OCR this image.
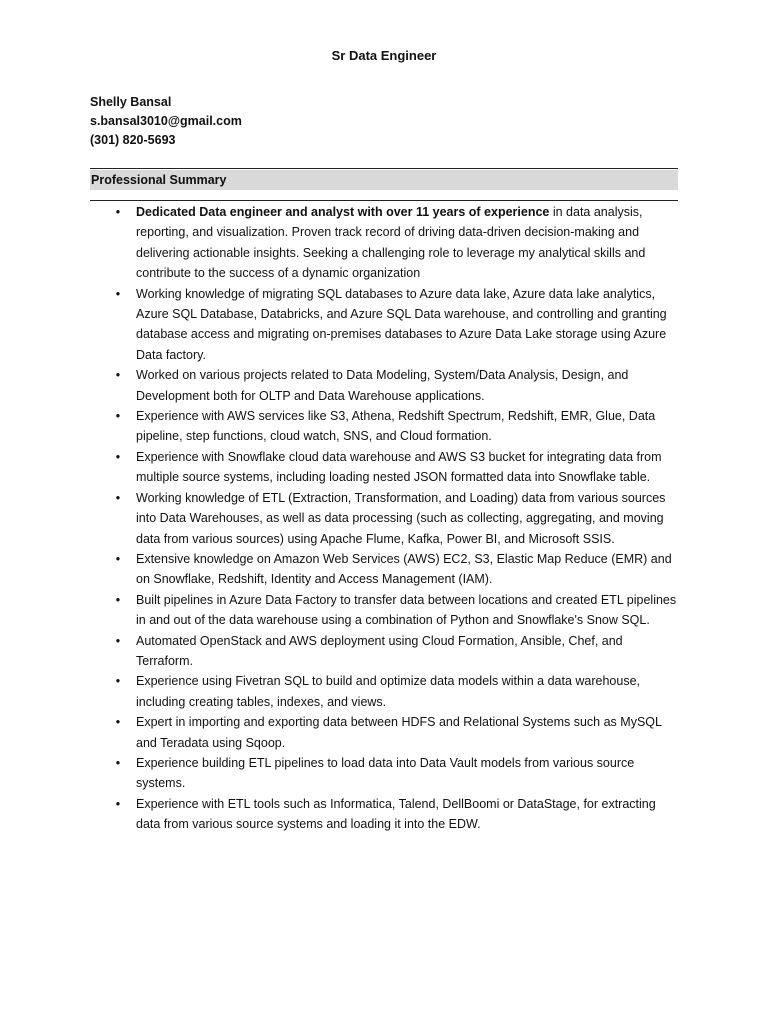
Sr Data Engineer
Shelly Bansal
s.bansal3010@gmail.com
(301) 820-5693
Professional Summary
•	Dedicated Data engineer and analyst with over 11 years of experience in data analysis, reporting, and visualization. Proven track record of driving data-driven decision-making and delivering actionable insights. Seeking a challenging role to leverage my analytical skills and contribute to the success of a dynamic organization
•	Working knowledge of migrating SQL databases to Azure data lake, Azure data lake analytics, Azure SQL Database, Databricks, and Azure SQL Data warehouse, and controlling and granting database access and migrating on-premises databases to Azure Data Lake storage using Azure Data factory.
•	Worked on various projects related to Data Modeling, System/Data Analysis, Design, and Development both for OLTP and Data Warehouse applications.
•	Experience with AWS services like S3, Athena, Redshift Spectrum, Redshift, EMR, Glue, Data pipeline, step functions, cloud watch, SNS, and Cloud formation.
•	Experience with Snowflake cloud data warehouse and AWS S3 bucket for integrating data from multiple source systems, including loading nested JSON formatted data into Snowflake table.
•	Working knowledge of ETL (Extraction, Transformation, and Loading) data from various sources into Data Warehouses, as well as data processing (such as collecting, aggregating, and moving data from various sources) using Apache Flume, Kafka, Power BI, and Microsoft SSIS.
•	Extensive knowledge on Amazon Web Services (AWS) EC2, S3, Elastic Map Reduce (EMR) and on Snowflake, Redshift, Identity and Access Management (IAM).
•	Built pipelines in Azure Data Factory to transfer data between locations and created ETL pipelines in and out of the data warehouse using a combination of Python and Snowflake's Snow SQL.
•	Automated OpenStack and AWS deployment using Cloud Formation, Ansible, Chef, and Terraform.
•	Experience using Fivetran SQL to build and optimize data models within a data warehouse, including creating tables, indexes, and views.
•	Expert in importing and exporting data between HDFS and Relational Systems such as MySQL and Teradata using Sqoop.
•	Experience building ETL pipelines to load data into Data Vault models from various source systems.
•	Experience with ETL tools such as Informatica, Talend, DellBoomi or DataStage, for extracting data from various source systems and loading it into the EDW.
